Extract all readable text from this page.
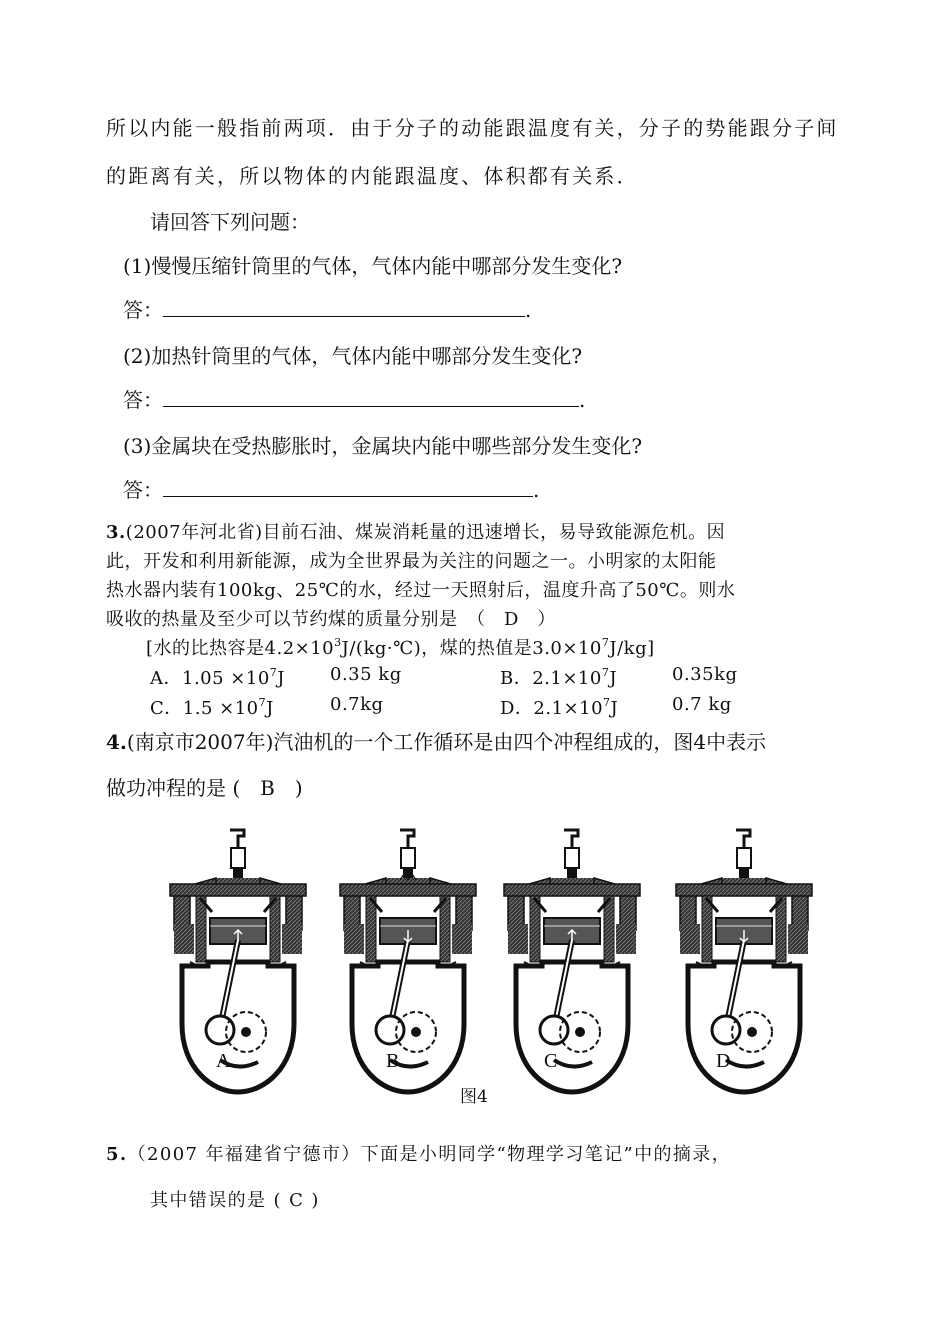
所以内能一般指前两项．由于分子的动能跟温度有关，分子的势能跟分子间
的距离有关，所以物体的内能跟温度、体积都有关系．
请回答下列问题：
(1)慢慢压缩针筒里的气体，气体内能中哪部分发生变化?
答：	.
(2)加热针筒里的气体，气体内能中哪部分发生变化?
答：	.
(3)金属块在受热膨胀时，金属块内能中哪些部分发生变化?
答：	.
3.(2007年河北省)目前石油、煤炭消耗量的迅速增长，易导致能源危机。因
此，开发和利用新能源，成为全世界最为关注的问题之一。小明家的太阳能
热水器内装有100kg、25℃的水，经过一天照射后，温度升高了50℃。则水
吸收的热量及至少可以节约煤的质量分别是　（　D　）
[水的比热容是$4.2\times 10^3J/(kg\cdot℃)$，煤的热值是$3.0\times 10^7J/kg$]
A．$1.05 \times 10^7J$ 0.35 kg	B．$2.1\times 10^7J$	0.35kg
C．$1.5 \times 10^7J$	0.7kg	D．$2.1\times 10^7J$	0.7 kg
4.(南京市2007年)汽油机的一个工作循环是由四个冲程组成的，图4中表示
做功冲程的是 (　B　)
A	B	C	D
图4
5.（2007 年福建省宁德市）下面是小明同学“物理学习笔记”中的摘录，
其中错误的是 ( C )
